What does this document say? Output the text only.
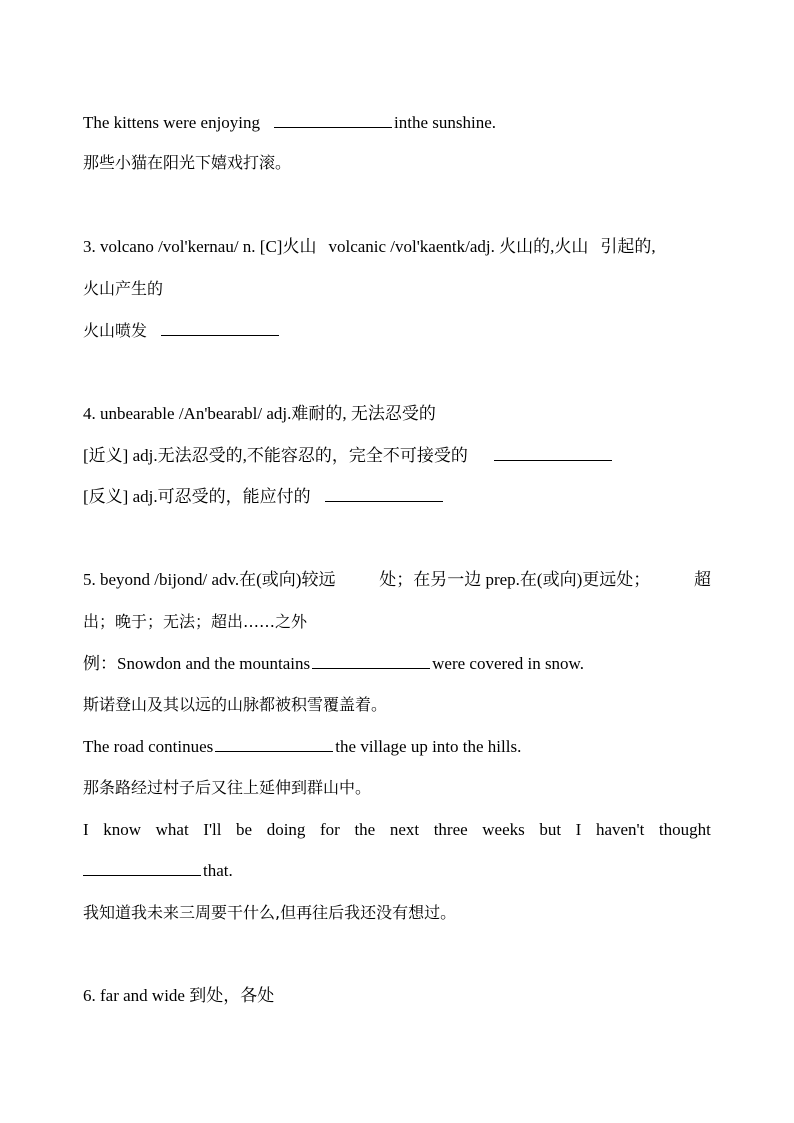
The kittens were enjoying	inthe sunshine.
那些小猫在阳光下嬉戏打滚。
3. volcano /vol'kernau/ n. [C]火山 volcanic /vol'kaentk/adj. 火山的,火山 引起的,
火山产生的
火山喷发
4. unbearable /An'bearabl/ adj.难耐的, 无法忍受的
[近义] adj.无法忍受的,不能容忍的，完全不可接受的
[反义] adj.可忍受的，能应付的
5. beyond /bijond/ adv.在(或向)较远	处；在另一边 prep.在(或向)更远处；	超
出；晚于；无法；超出……之外
例：Snowdon and the mountains	were covered in snow.
斯诺登山及其以远的山脉都被积雪覆盖着。
The road continues	the village up into the hills.
那条路经过村子后又往上延伸到群山中。
I know what I'll be doing for the next three weeks but I haven't thought
that.
我知道我未来三周要干什么,但再往后我还没有想过。
6. far and wide 到处，各处
